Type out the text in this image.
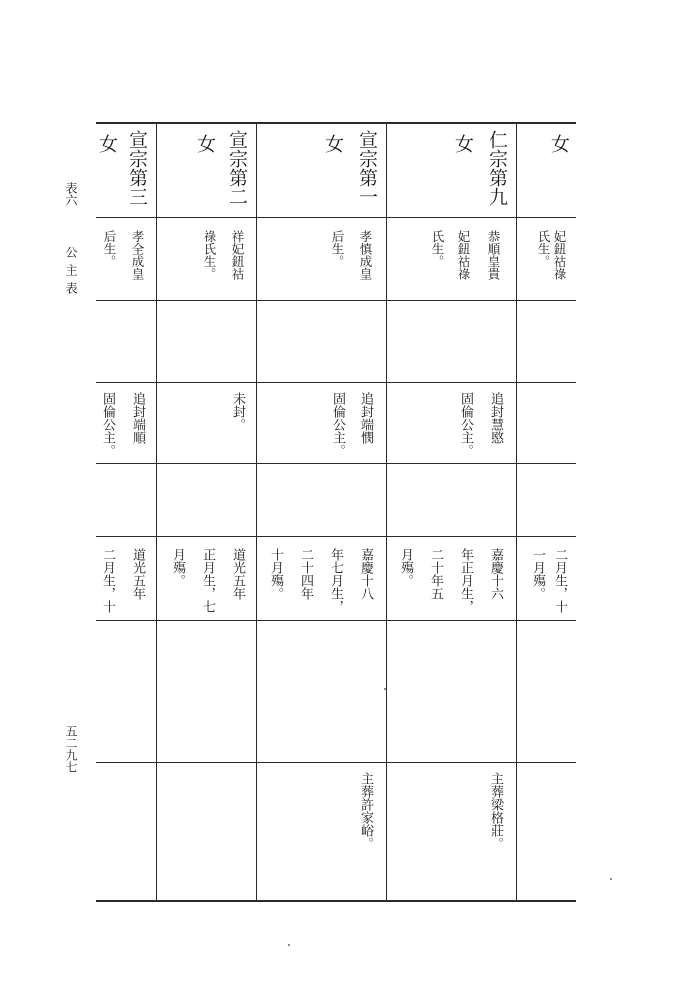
表六
公主表
五二九七
女
妃鈕祜祿
氏生。
二月生，十
一月殤。
仁宗第九
女
恭順皇貴
妃鈕祜祿
氏生。
追封慧愍
固倫公主。
嘉慶十六
年正月生，
二十年五
月殤。
主葬梁格莊。
宣宗第一
女
孝慎成皇
后生。
追封端憫
固倫公主。
嘉慶十八
年七月生，
二十四年
十月殤。
主葬許家峪。
宣宗第二
女
祥妃鈕祜
祿氏生。
未封。
道光五年
正月生，七
月殤。
宣宗第三
女
孝全成皇
后生。
追封端順
固倫公主。
道光五年
二月生，十
